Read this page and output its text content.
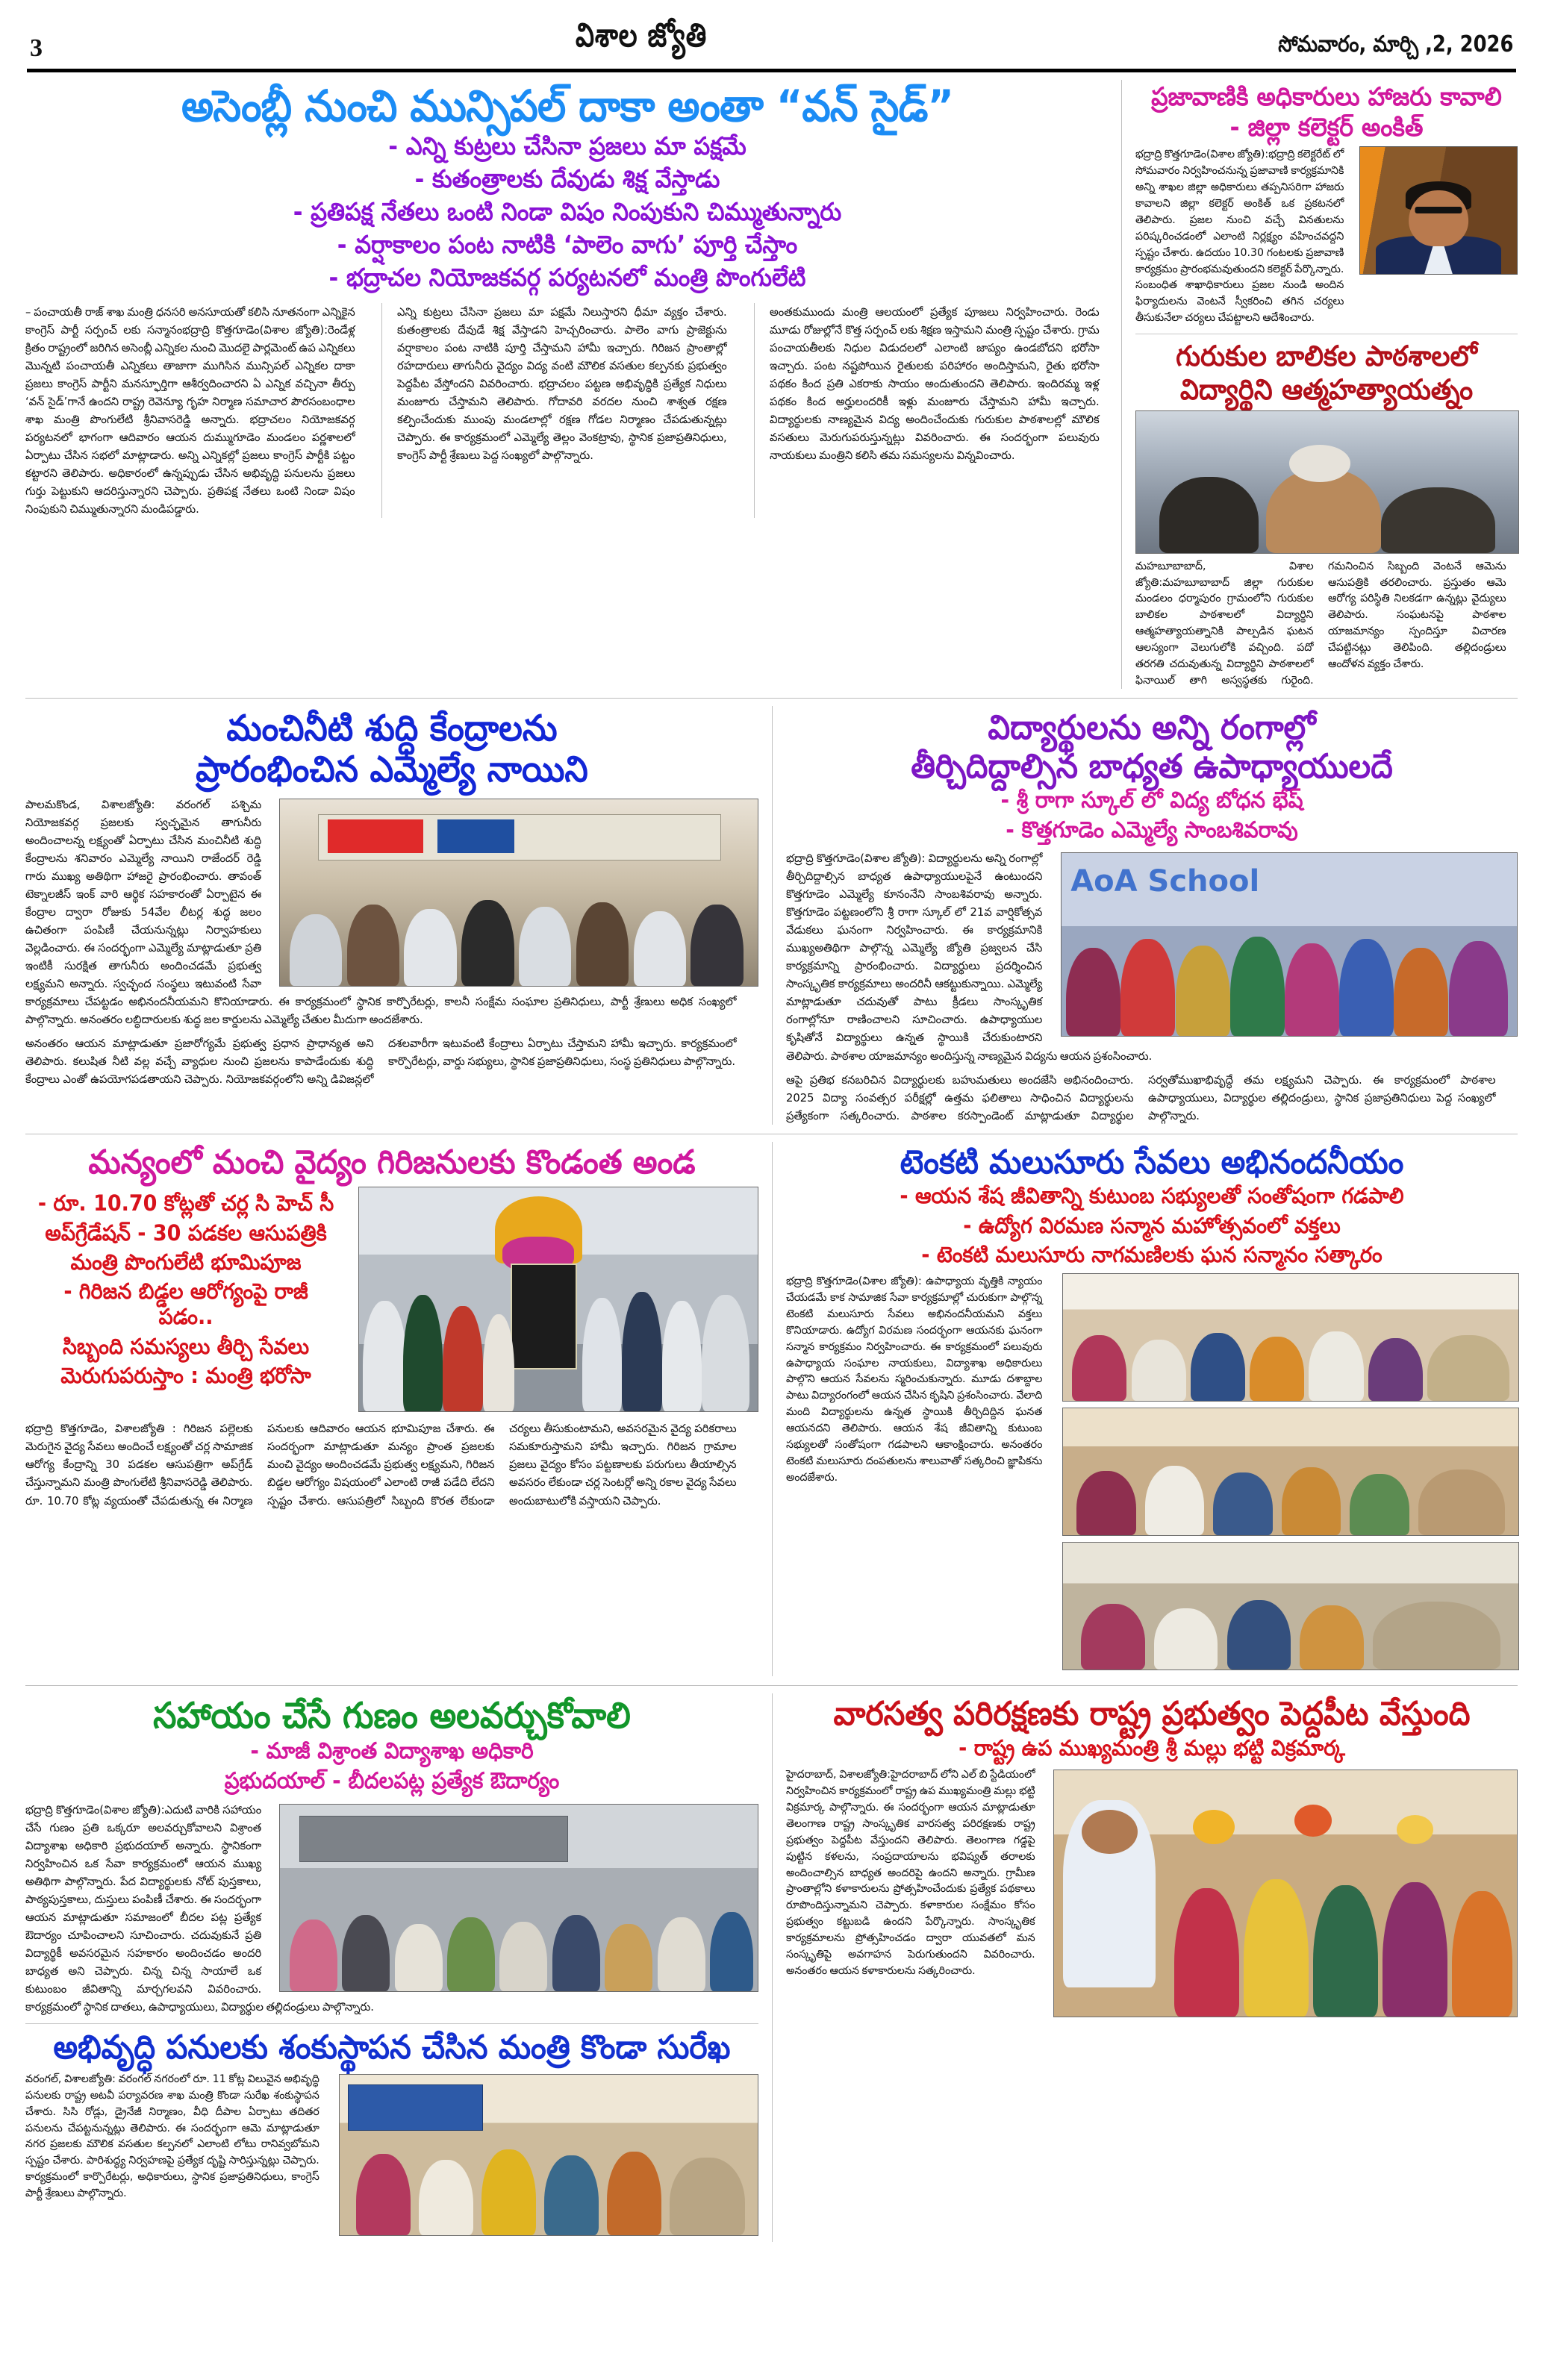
3	విశాల జ్యోతి	సోమవారం, మార్చి ,2, 2026
అసెంబ్లీ నుంచి మున్సిపల్ దాకా అంతా “వన్ సైడ్”
- ఎన్ని కుట్రలు చేసినా ప్రజలు మా పక్షమే
- కుతంత్రాలకు దేవుడు శిక్ష వేస్తాడు
- ప్రతిపక్ష నేతలు ఒంటి నిండా విషం నింపుకుని చిమ్ముతున్నారు
- వర్షాకాలం పంట నాటికి ‘పాలెం వాగు’ పూర్తి చేస్తాం
- భద్రాచల నియోజకవర్గ పర్యటనలో మంత్రి పొంగులేటి
– పంచాయతీ రాజ్ శాఖ మంత్రి ధనసరి అనసూయతో కలిసి నూతనంగా ఎన్నికైన కాంగ్రెస్ పార్టీ సర్పంచ్ లకు సన్మానంభద్రాద్రి కొత్తగూడెం(విశాల జ్యోతి):రెండేళ్ల క్రితం రాష్ట్రంలో జరిగిన అసెంబ్లీ ఎన్నికల నుంచి మొదలై పార్లమెంట్ ఉప ఎన్నికలు మొన్నటి పంచాయతీ ఎన్నికలు తాజాగా ముగిసిన మున్సిపల్ ఎన్నికల దాకా ప్రజలు కాంగ్రెస్ పార్టీని మనస్ఫూర్తిగా ఆశీర్వదించారని ఏ ఎన్నిక వచ్చినా తీర్పు ‘వన్ సైడ్’గానే ఉందని రాష్ట్ర రెవెన్యూ గృహ నిర్మాణ సమాచార పౌరసంబంధాల శాఖ మంత్రి పొంగులేటి శ్రీనివాసరెడ్డి అన్నారు. భద్రాచలం నియోజకవర్గ పర్యటనలో భాగంగా ఆదివారం ఆయన దుమ్ముగూడెం మండలం పర్ణశాలలో ఏర్పాటు చేసిన సభలో మాట్లాడారు. అన్ని ఎన్నికల్లో ప్రజలు కాంగ్రెస్ పార్టీకి పట్టం కట్టారని తెలిపారు. అధికారంలో ఉన్నప్పుడు చేసిన అభివృద్ధి పనులను ప్రజలు గుర్తు పెట్టుకుని ఆదరిస్తున్నారని చెప్పారు. ప్రతిపక్ష నేతలు ఒంటి నిండా విషం నింపుకుని చిమ్ముతున్నారని మండిపడ్డారు.
ఎన్ని కుట్రలు చేసినా ప్రజలు మా పక్షమే నిలుస్తారని ధీమా వ్యక్తం చేశారు. కుతంత్రాలకు దేవుడే శిక్ష వేస్తాడని హెచ్చరించారు. పాలెం వాగు ప్రాజెక్టును వర్షాకాలం పంట నాటికి పూర్తి చేస్తామని హామీ ఇచ్చారు. గిరిజన ప్రాంతాల్లో రహదారులు తాగునీరు వైద్యం విద్య వంటి మౌలిక వసతుల కల్పనకు ప్రభుత్వం పెద్దపీట వేస్తోందని వివరించారు. భద్రాచలం పట్టణ అభివృద్ధికి ప్రత్యేక నిధులు మంజూరు చేస్తామని తెలిపారు. గోదావరి వరదల నుంచి శాశ్వత రక్షణ కల్పించేందుకు ముంపు మండలాల్లో రక్షణ గోడల నిర్మాణం చేపడుతున్నట్లు చెప్పారు. ఈ కార్యక్రమంలో ఎమ్మెల్యే తెల్లం వెంకట్రావు, స్థానిక ప్రజాప్రతినిధులు, కాంగ్రెస్ పార్టీ శ్రేణులు పెద్ద సంఖ్యలో పాల్గొన్నారు.
అంతకుముందు మంత్రి ఆలయంలో ప్రత్యేక పూజలు నిర్వహించారు. రెండు మూడు రోజుల్లోనే కొత్త సర్పంచ్ లకు శిక్షణ ఇస్తామని మంత్రి స్పష్టం చేశారు. గ్రామ పంచాయతీలకు నిధుల విడుదలలో ఎలాంటి జాప్యం ఉండబోదని భరోసా ఇచ్చారు. పంట నష్టపోయిన రైతులకు పరిహారం అందిస్తామని, రైతు భరోసా పథకం కింద ప్రతి ఎకరాకు సాయం అందుతుందని తెలిపారు. ఇందిరమ్మ ఇళ్ల పథకం కింద అర్హులందరికీ ఇళ్లు మంజూరు చేస్తామని హామీ ఇచ్చారు. విద్యార్థులకు నాణ్యమైన విద్య అందించేందుకు గురుకుల పాఠశాలల్లో మౌలిక వసతులు మెరుగుపరుస్తున్నట్లు వివరించారు. ఈ సందర్భంగా పలువురు నాయకులు మంత్రిని కలిసి తమ సమస్యలను విన్నవించారు.
ప్రజావాణికి అధికారులు హాజరు కావాలి
- జిల్లా కలెక్టర్ అంకిత్
భద్రాద్రి కొత్తగూడెం(విశాల జ్యోతి):భద్రాద్రి కలెక్టరేట్ లో సోమవారం నిర్వహించనున్న ప్రజావాణి కార్యక్రమానికి అన్ని శాఖల జిల్లా అధికారులు తప్పనిసరిగా హాజరు కావాలని జిల్లా కలెక్టర్ అంకిత్ ఒక ప్రకటనలో తెలిపారు. ప్రజల నుంచి వచ్చే వినతులను పరిష్కరించడంలో ఎలాంటి నిర్లక్ష్యం వహించవద్దని స్పష్టం చేశారు. ఉదయం 10.30 గంటలకు ప్రజావాణి కార్యక్రమం ప్రారంభమవుతుందని కలెక్టర్ పేర్కొన్నారు. సంబంధిత శాఖాధికారులు ప్రజల నుండి అందిన ఫిర్యాదులను వెంటనే స్వీకరించి తగిన చర్యలు తీసుకునేలా చర్యలు చేపట్టాలని ఆదేశించారు.
గురుకుల బాలికల పాఠశాలలో
విద్యార్థిని ఆత్మహత్యాయత్నం
మహబూబాబాద్, విశాల జ్యోతి:మహబూబాబాద్ జిల్లా గురుకుల మండలం ధర్మాపురం గ్రామంలోని గురుకుల బాలికల పాఠశాలలో విద్యార్థిని ఆత్మహత్యాయత్నానికి పాల్పడిన ఘటన ఆలస్యంగా వెలుగులోకి వచ్చింది. పదో తరగతి చదువుతున్న విద్యార్థిని పాఠశాలలో ఫినాయిల్ తాగి అస్వస్థతకు గురైంది. గమనించిన సిబ్బంది వెంటనే ఆమెను ఆసుపత్రికి తరలించారు. ప్రస్తుతం ఆమె ఆరోగ్య పరిస్థితి నిలకడగా ఉన్నట్లు వైద్యులు తెలిపారు. సంఘటనపై పాఠశాల యాజమాన్యం స్పందిస్తూ విచారణ చేపట్టినట్లు తెలిపింది. తల్లిదండ్రులు ఆందోళన వ్యక్తం చేశారు.
మంచినీటి శుద్ధి కేంద్రాలను
ప్రారంభించిన ఎమ్మెల్యే నాయిని
పాలమకొండ, విశాలజ్యోతి: వరంగల్ పశ్చిమ నియోజకవర్గ ప్రజలకు స్వచ్ఛమైన తాగునీరు అందించాలన్న లక్ష్యంతో ఏర్పాటు చేసిన మంచినీటి శుద్ధి కేంద్రాలను శనివారం ఎమ్మెల్యే నాయిని రాజేందర్ రెడ్డి గారు ముఖ్య అతిథిగా హాజరై ప్రారంభించారు. తావంత్ టెక్నాలజీస్ ఇంక్ వారి ఆర్థిక సహకారంతో ఏర్పాటైన ఈ కేంద్రాల ద్వారా రోజుకు 54వేల లీటర్ల శుద్ధ జలం ఉచితంగా పంపిణీ చేయనున్నట్లు నిర్వాహకులు వెల్లడించారు. ఈ సందర్భంగా ఎమ్మెల్యే మాట్లాడుతూ ప్రతి ఇంటికీ సురక్షిత తాగునీరు అందించడమే ప్రభుత్వ లక్ష్యమని అన్నారు. స్వచ్ఛంద సంస్థలు ఇటువంటి సేవా కార్యక్రమాలు చేపట్టడం అభినందనీయమని కొనియాడారు. ఈ కార్యక్రమంలో స్థానిక కార్పొరేటర్లు, కాలనీ సంక్షేమ సంఘాల ప్రతినిధులు, పార్టీ శ్రేణులు అధిక సంఖ్యలో పాల్గొన్నారు. అనంతరం లబ్ధిదారులకు శుద్ధ జల కార్డులను ఎమ్మెల్యే చేతుల మీదుగా అందజేశారు.
అనంతరం ఆయన మాట్లాడుతూ ప్రజారోగ్యమే ప్రభుత్వ ప్రధాన ప్రాధాన్యత అని తెలిపారు. కలుషిత నీటి వల్ల వచ్చే వ్యాధుల నుంచి ప్రజలను కాపాడేందుకు శుద్ధి కేంద్రాలు ఎంతో ఉపయోగపడతాయని చెప్పారు. నియోజకవర్గంలోని అన్ని డివిజన్లలో దశలవారీగా ఇటువంటి కేంద్రాలు ఏర్పాటు చేస్తామని హామీ ఇచ్చారు. కార్యక్రమంలో కార్పొరేటర్లు, వార్డు సభ్యులు, స్థానిక ప్రజాప్రతినిధులు, సంస్థ ప్రతినిధులు పాల్గొన్నారు.
విద్యార్థులను అన్ని రంగాల్లో
తీర్చిదిద్దాల్సిన బాధ్యత ఉపాధ్యాయులదే
- శ్రీ రాగా స్కూల్ లో విద్య బోధన భేష్
- కొత్తగూడెం ఎమ్మెల్యే సాంబశివరావు
AoA School
భద్రాద్రి కొత్తగూడెం(విశాల జ్యోతి): విద్యార్థులను అన్ని రంగాల్లో తీర్చిదిద్దాల్సిన బాధ్యత ఉపాధ్యాయులపైనే ఉంటుందని కొత్తగూడెం ఎమ్మెల్యే కూనంనేని సాంబశివరావు అన్నారు. కొత్తగూడెం పట్టణంలోని శ్రీ రాగా స్కూల్ లో 21వ వార్షికోత్సవ వేడుకలు ఘనంగా నిర్వహించారు. ఈ కార్యక్రమానికి ముఖ్యఅతిథిగా పాల్గొన్న ఎమ్మెల్యే జ్యోతి ప్రజ్వలన చేసి కార్యక్రమాన్ని ప్రారంభించారు. విద్యార్థులు ప్రదర్శించిన సాంస్కృతిక కార్యక్రమాలు అందరినీ ఆకట్టుకున్నాయి. ఎమ్మెల్యే మాట్లాడుతూ చదువుతో పాటు క్రీడలు సాంస్కృతిక రంగాల్లోనూ రాణించాలని సూచించారు. ఉపాధ్యాయుల కృషితోనే విద్యార్థులు ఉన్నత స్థాయికి చేరుకుంటారని తెలిపారు. పాఠశాల యాజమాన్యం అందిస్తున్న నాణ్యమైన విద్యను ఆయన ప్రశంసించారు.
ఆపై ప్రతిభ కనబరిచిన విద్యార్థులకు బహుమతులు అందజేసి అభినందించారు. 2025 విద్యా సంవత్సర పరీక్షల్లో ఉత్తమ ఫలితాలు సాధించిన విద్యార్థులను ప్రత్యేకంగా సత్కరించారు. పాఠశాల కరస్పాండెంట్ మాట్లాడుతూ విద్యార్థుల సర్వతోముఖాభివృద్ధే తమ లక్ష్యమని చెప్పారు. ఈ కార్యక్రమంలో పాఠశాల ఉపాధ్యాయులు, విద్యార్థుల తల్లిదండ్రులు, స్థానిక ప్రజాప్రతినిధులు పెద్ద సంఖ్యలో పాల్గొన్నారు.
మన్యంలో మంచి వైద్యం గిరిజనులకు కొండంత అండ
- రూ. 10.70 కోట్లతో చర్ల సి హెచ్ సీ
అప్‌గ్రేడేషన్ - 30 పడకల ఆసుపత్రికి
మంత్రి పొంగులేటి భూమిపూజ
- గిరిజన బిడ్డల ఆరోగ్యంపై రాజీ పడం..
సిబ్బంది సమస్యలు తీర్చి సేవలు
మెరుగుపరుస్తాం : మంత్రి భరోసా
భద్రాద్రి కొత్తగూడెం, విశాలజ్యోతి : గిరిజన పల్లెలకు మెరుగైన వైద్య సేవలు అందించే లక్ష్యంతో చర్ల సామాజిక ఆరోగ్య కేంద్రాన్ని 30 పడకల ఆసుపత్రిగా అప్‌గ్రేడ్ చేస్తున్నామని మంత్రి పొంగులేటి శ్రీనివాసరెడ్డి తెలిపారు. రూ. 10.70 కోట్ల వ్యయంతో చేపడుతున్న ఈ నిర్మాణ పనులకు ఆదివారం ఆయన భూమిపూజ చేశారు. ఈ సందర్భంగా మాట్లాడుతూ మన్యం ప్రాంత ప్రజలకు మంచి వైద్యం అందించడమే ప్రభుత్వ లక్ష్యమని, గిరిజన బిడ్డల ఆరోగ్యం విషయంలో ఎలాంటి రాజీ పడేది లేదని స్పష్టం చేశారు. ఆసుపత్రిలో సిబ్బంది కొరత లేకుండా చర్యలు తీసుకుంటామని, అవసరమైన వైద్య పరికరాలు సమకూరుస్తామని హామీ ఇచ్చారు. గిరిజన గ్రామాల ప్రజలు వైద్యం కోసం పట్టణాలకు పరుగులు తీయాల్సిన అవసరం లేకుండా చర్ల సెంటర్లో అన్ని రకాల వైద్య సేవలు అందుబాటులోకి వస్తాయని చెప్పారు.
టెంకటి మలుసూరు సేవలు అభినందనీయం
- ఆయన శేష జీవితాన్ని కుటుంబ సభ్యులతో సంతోషంగా గడపాలి
- ఉద్యోగ విరమణ సన్మాన మహోత్సవంలో వక్తలు
- టెంకటి మలుసూరు నాగమణిలకు ఘన సన్మానం సత్కారం
భద్రాద్రి కొత్తగూడెం(విశాల జ్యోతి): ఉపాధ్యాయ వృత్తికి న్యాయం చేయడమే కాక సామాజిక సేవా కార్యక్రమాల్లో చురుకుగా పాల్గొన్న టెంకటి మలుసూరు సేవలు అభినందనీయమని వక్తలు కొనియాడారు. ఉద్యోగ విరమణ సందర్భంగా ఆయనకు ఘనంగా సన్మాన కార్యక్రమం నిర్వహించారు. ఈ కార్యక్రమంలో పలువురు ఉపాధ్యాయ సంఘాల నాయకులు, విద్యాశాఖ అధికారులు పాల్గొని ఆయన సేవలను స్మరించుకున్నారు. మూడు దశాబ్దాల పాటు విద్యారంగంలో ఆయన చేసిన కృషిని ప్రశంసించారు. వేలాది మంది విద్యార్థులను ఉన్నత స్థాయికి తీర్చిదిద్దిన ఘనత ఆయనదని తెలిపారు. ఆయన శేష జీవితాన్ని కుటుంబ సభ్యులతో సంతోషంగా గడపాలని ఆకాంక్షించారు. అనంతరం టెంకటి మలుసూరు దంపతులను శాలువాతో సత్కరించి జ్ఞాపికను అందజేశారు.
సహాయం చేసే గుణం అలవర్చుకోవాలి
- మాజీ విశ్రాంత విద్యాశాఖ అధికారి
ప్రభుదయాల్ - బీదలపట్ల ప్రత్యేక ఔదార్యం
భద్రాద్రి కొత్తగూడెం(విశాల జ్యోతి):ఎదుటి వారికి సహాయం చేసే గుణం ప్రతి ఒక్కరూ అలవర్చుకోవాలని విశ్రాంత విద్యాశాఖ అధికారి ప్రభుదయాల్ అన్నారు. స్థానికంగా నిర్వహించిన ఒక సేవా కార్యక్రమంలో ఆయన ముఖ్య అతిథిగా పాల్గొన్నారు. పేద విద్యార్థులకు నోట్ పుస్తకాలు, పాఠ్యపుస్తకాలు, దుస్తులు పంపిణీ చేశారు. ఈ సందర్భంగా ఆయన మాట్లాడుతూ సమాజంలో బీదల పట్ల ప్రత్యేక ఔదార్యం చూపించాలని సూచించారు. చదువుకునే ప్రతి విద్యార్థికీ అవసరమైన సహకారం అందించడం అందరి బాధ్యత అని చెప్పారు. చిన్న చిన్న సాయాలే ఒక కుటుంబం జీవితాన్ని మార్చగలవని వివరించారు. కార్యక్రమంలో స్థానిక దాతలు, ఉపాధ్యాయులు, విద్యార్థుల తల్లిదండ్రులు పాల్గొన్నారు.
అభివృద్ధి పనులకు శంకుస్థాపన చేసిన మంత్రి కొండా సురేఖ
వరంగల్, విశాలజ్యోతి: వరంగల్ నగరంలో రూ. 11 కోట్ల విలువైన అభివృద్ధి పనులకు రాష్ట్ర అటవీ పర్యావరణ శాఖ మంత్రి కొండా సురేఖ శంకుస్థాపన చేశారు. సిసి రోడ్లు, డ్రైనేజీ నిర్మాణం, వీధి దీపాల ఏర్పాటు తదితర పనులను చేపట్టనున్నట్లు తెలిపారు. ఈ సందర్భంగా ఆమె మాట్లాడుతూ నగర ప్రజలకు మౌలిక వసతుల కల్పనలో ఎలాంటి లోటు రానివ్వబోమని స్పష్టం చేశారు. పారిశుద్ధ్య నిర్వహణపై ప్రత్యేక దృష్టి సారిస్తున్నట్లు చెప్పారు. కార్యక్రమంలో కార్పొరేటర్లు, అధికారులు, స్థానిక ప్రజాప్రతినిధులు, కాంగ్రెస్ పార్టీ శ్రేణులు పాల్గొన్నారు.
వారసత్వ పరిరక్షణకు రాష్ట్ర ప్రభుత్వం పెద్దపీట వేస్తుంది
- రాష్ట్ర ఉప ముఖ్యమంత్రి శ్రీ మల్లు భట్టి విక్రమార్క
హైదరాబాద్, విశాలజ్యోతి:హైదరాబాద్ లోని ఎల్ బి స్టేడియంలో నిర్వహించిన కార్యక్రమంలో రాష్ట్ర ఉప ముఖ్యమంత్రి మల్లు భట్టి విక్రమార్క పాల్గొన్నారు. ఈ సందర్భంగా ఆయన మాట్లాడుతూ తెలంగాణ రాష్ట్ర సాంస్కృతిక వారసత్వ పరిరక్షణకు రాష్ట్ర ప్రభుత్వం పెద్దపీట వేస్తుందని తెలిపారు. తెలంగాణ గడ్డపై పుట్టిన కళలను, సంప్రదాయాలను భవిష్యత్ తరాలకు అందించాల్సిన బాధ్యత అందరిపై ఉందని అన్నారు. గ్రామీణ ప్రాంతాల్లోని కళాకారులను ప్రోత్సహించేందుకు ప్రత్యేక పథకాలు రూపొందిస్తున్నామని చెప్పారు. కళాకారుల సంక్షేమం కోసం ప్రభుత్వం కట్టుబడి ఉందని పేర్కొన్నారు. సాంస్కృతిక కార్యక్రమాలను ప్రోత్సహించడం ద్వారా యువతలో మన సంస్కృతిపై అవగాహన పెరుగుతుందని వివరించారు. అనంతరం ఆయన కళాకారులను సత్కరించారు.
